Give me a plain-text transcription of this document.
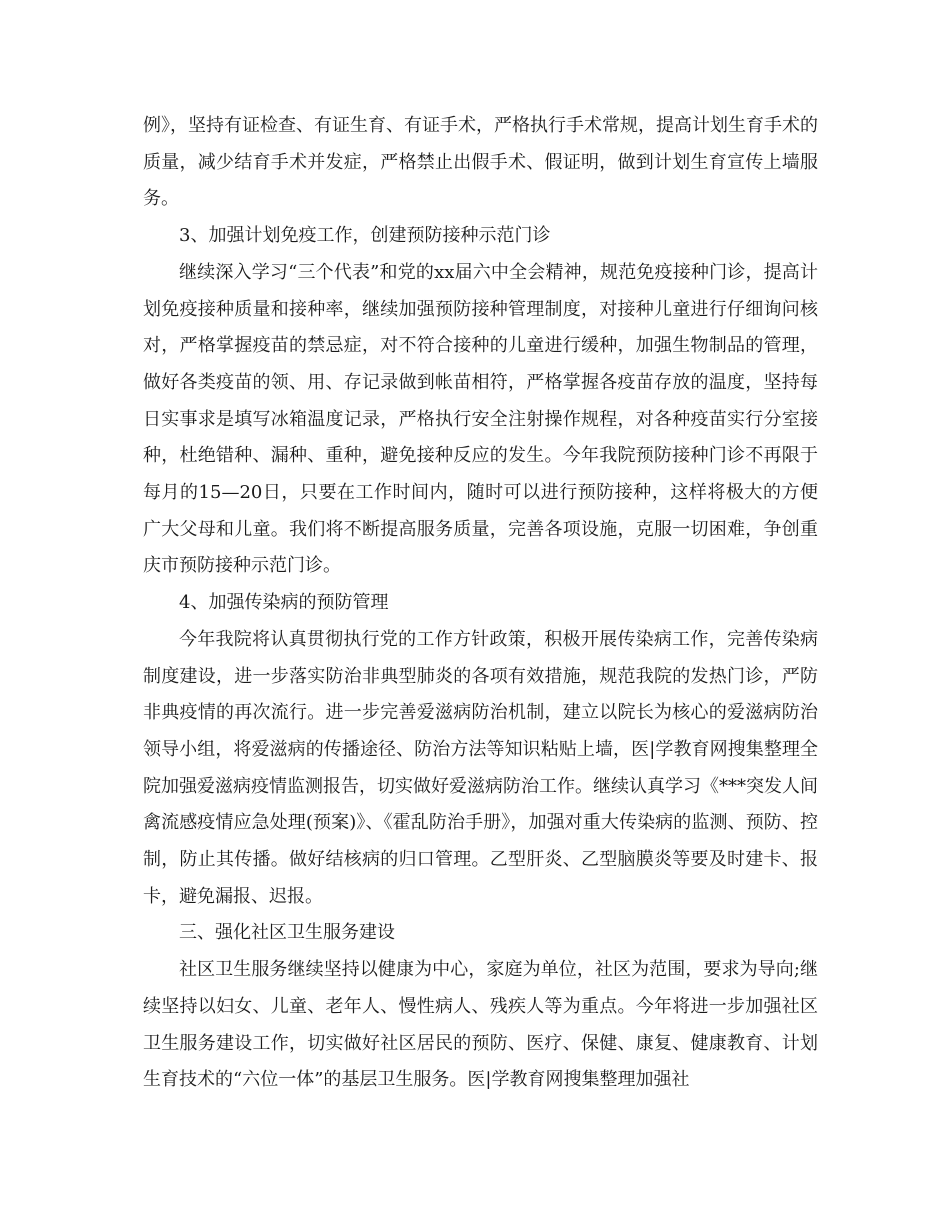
例》，坚持有证检查、有证生育、有证手术，严格执行手术常规，提高计划生育手术的质量，减少结育手术并发症，严格禁止出假手术、假证明，做到计划生育宣传上墙服务。

3、加强计划免疫工作，创建预防接种示范门诊

继续深入学习“三个代表”和党的xx届六中全会精神，规范免疫接种门诊，提高计划免疫接种质量和接种率，继续加强预防接种管理制度，对接种儿童进行仔细询问核对，严格掌握疫苗的禁忌症，对不符合接种的儿童进行缓种，加强生物制品的管理，做好各类疫苗的领、用、存记录做到帐苗相符，严格掌握各疫苗存放的温度，坚持每日实事求是填写冰箱温度记录，严格执行安全注射操作规程，对各种疫苗实行分室接种，杜绝错种、漏种、重种，避免接种反应的发生。今年我院预防接种门诊不再限于每月的15—20日，只要在工作时间内，随时可以进行预防接种，这样将极大的方便广大父母和儿童。我们将不断提高服务质量，完善各项设施，克服一切困难，争创重庆市预防接种示范门诊。

4、加强传染病的预防管理

今年我院将认真贯彻执行党的工作方针政策，积极开展传染病工作，完善传染病制度建设，进一步落实防治非典型肺炎的各项有效措施，规范我院的发热门诊，严防非典疫情的再次流行。进一步完善爱滋病防治机制，建立以院长为核心的爱滋病防治领导小组，将爱滋病的传播途径、防治方法等知识粘贴上墙，医|学教育网搜集整理全院加强爱滋病疫情监测报告，切实做好爱滋病防治工作。继续认真学习《***突发人间禽流感疫情应急处理(预案)》、《霍乱防治手册》，加强对重大传染病的监测、预防、控制，防止其传播。做好结核病的归口管理。乙型肝炎、乙型脑膜炎等要及时建卡、报卡，避免漏报、迟报。

三、强化社区卫生服务建设

社区卫生服务继续坚持以健康为中心，家庭为单位，社区为范围，要求为导向;继续坚持以妇女、儿童、老年人、慢性病人、残疾人等为重点。今年将进一步加强社区卫生服务建设工作，切实做好社区居民的预防、医疗、保健、康复、健康教育、计划生育技术的“六位一体”的基层卫生服务。医|学教育网搜集整理加强社
